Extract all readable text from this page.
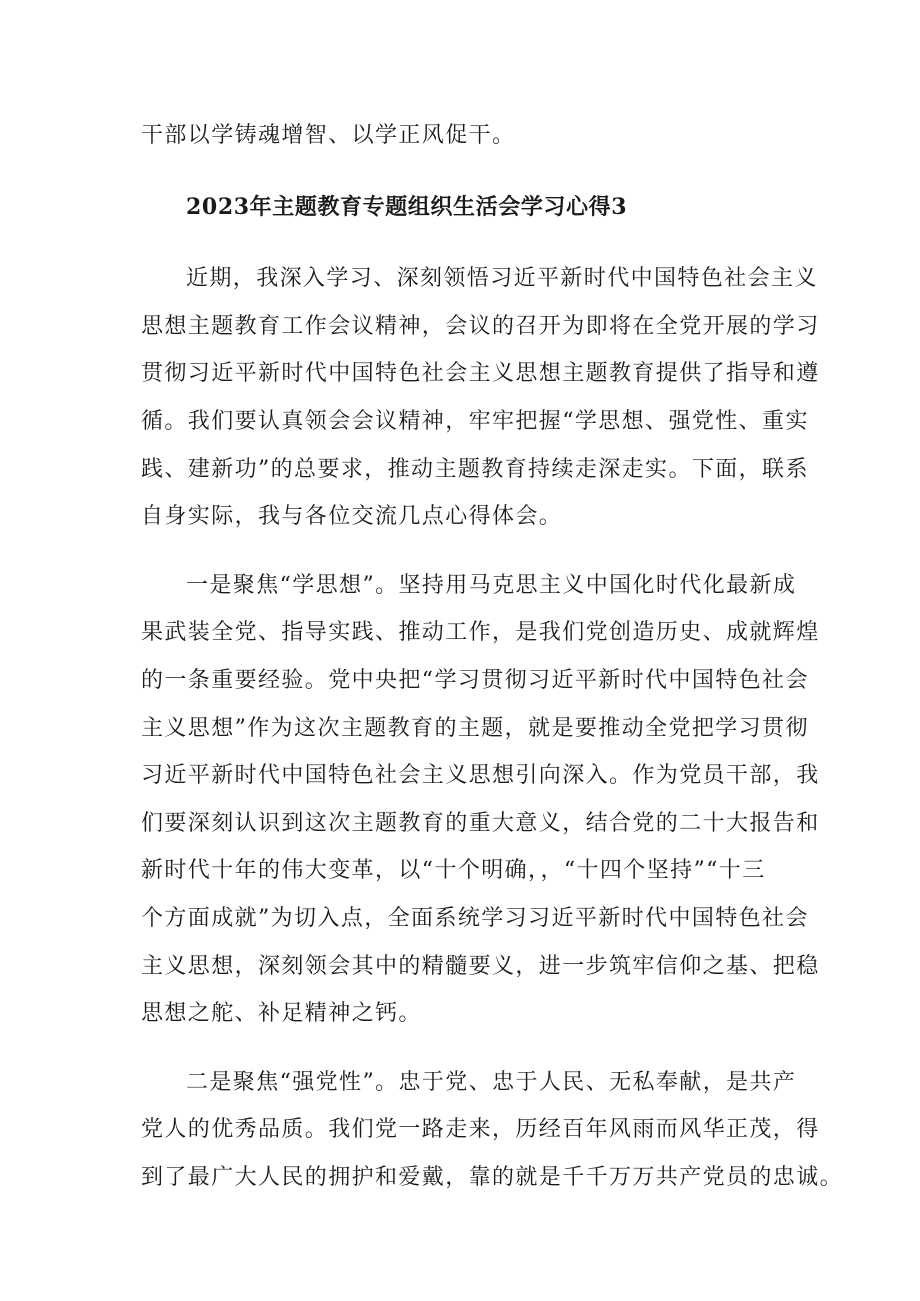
干部以学铸魂增智、以学正风促干。
2023年主题教育专题组织生活会学习心得3
近期，我深入学习、深刻领悟习近平新时代中国特色社会主义
思想主题教育工作会议精神，会议的召开为即将在全党开展的学习
贯彻习近平新时代中国特色社会主义思想主题教育提供了指导和遵
循。我们要认真领会会议精神，牢牢把握“学思想、强党性、重实
践、建新功”的总要求，推动主题教育持续走深走实。下面，联系
自身实际，我与各位交流几点心得体会。
一是聚焦“学思想”。坚持用马克思主义中国化时代化最新成
果武装全党、指导实践、推动工作，是我们党创造历史、成就辉煌
的一条重要经验。党中央把“学习贯彻习近平新时代中国特色社会
主义思想”作为这次主题教育的主题，就是要推动全党把学习贯彻
习近平新时代中国特色社会主义思想引向深入。作为党员干部，我
们要深刻认识到这次主题教育的重大意义，结合党的二十大报告和
新时代十年的伟大变革，以“十个明确，，“十四个坚持”“十三
个方面成就”为切入点，全面系统学习习近平新时代中国特色社会
主义思想，深刻领会其中的精髓要义，进一步筑牢信仰之基、把稳
思想之舵、补足精神之钙。
二是聚焦“强党性”。忠于党、忠于人民、无私奉献，是共产
党人的优秀品质。我们党一路走来，历经百年风雨而风华正茂，得
到了最广大人民的拥护和爱戴，靠的就是千千万万共产党员的忠诚。
